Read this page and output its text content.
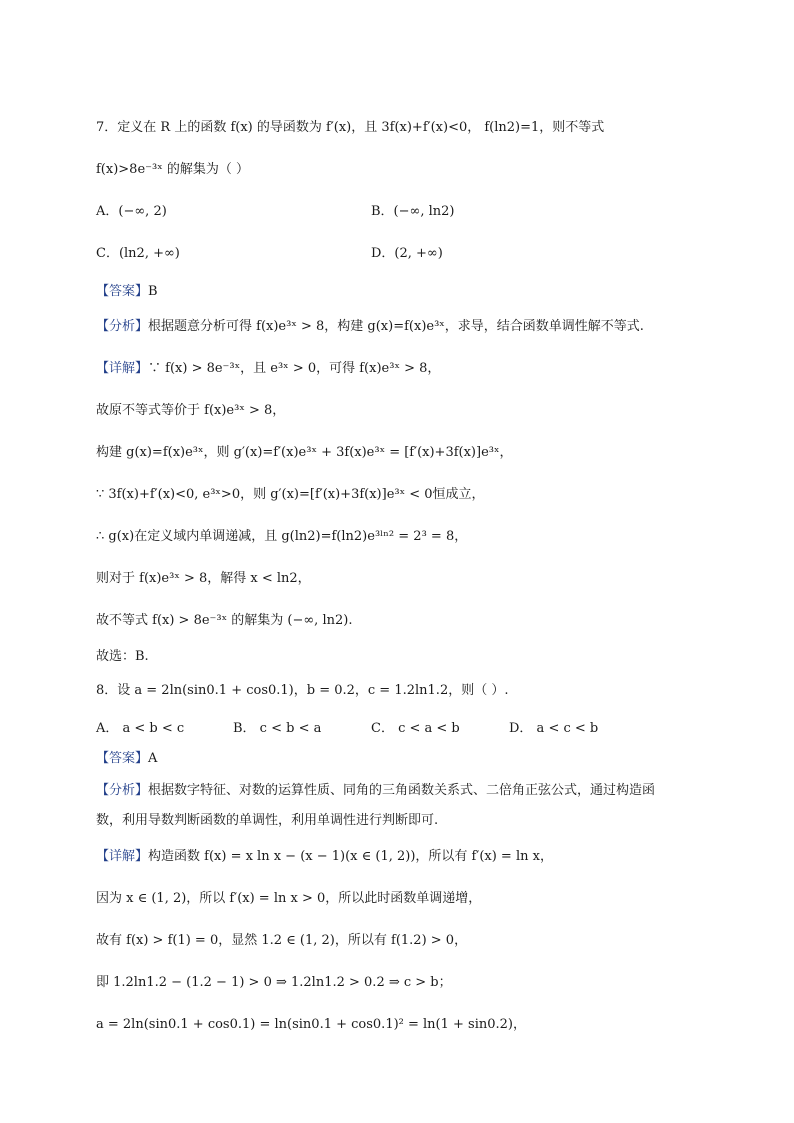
7．定义在 R 上的函数 f(x) 的导函数为 f′(x)，且 3f(x)+f′(x)<0， f(ln2)=1，则不等式
f(x)>8e⁻³ˣ 的解集为（ ）
A．(−∞, 2)	B．(−∞, ln2)
C．(ln2, +∞)	D．(2, +∞)
【答案】B
【分析】根据题意分析可得 f(x)e³ˣ > 8，构建 g(x)=f(x)e³ˣ，求导，结合函数单调性解不等式.
【详解】∵ f(x) > 8e⁻³ˣ，且 e³ˣ > 0，可得 f(x)e³ˣ > 8，
故原不等式等价于 f(x)e³ˣ > 8，
构建 g(x)=f(x)e³ˣ，则 g′(x)=f′(x)e³ˣ + 3f(x)e³ˣ = [f′(x)+3f(x)]e³ˣ，
∵ 3f(x)+f′(x)<0, e³ˣ>0，则 g′(x)=[f′(x)+3f(x)]e³ˣ < 0恒成立，
∴ g(x)在定义域内单调递减，且 g(ln2)=f(ln2)e³ˡⁿ² = 2³ = 8，
则对于 f(x)e³ˣ > 8，解得 x < ln2，
故不等式 f(x) > 8e⁻³ˣ 的解集为 (−∞, ln2).
故选：B.
8．设 a = 2ln(sin0.1 + cos0.1)，b = 0.2，c = 1.2ln1.2，则（ ）.
A． a < b < c	B． c < b < a	C． c < a < b	D． a < c < b
【答案】A
【分析】根据数字特征、对数的运算性质、同角的三角函数关系式、二倍角正弦公式，通过构造函
数，利用导数判断函数的单调性，利用单调性进行判断即可.
【详解】构造函数 f(x) = x ln x − (x − 1)(x ∈ (1, 2))，所以有 f′(x) = ln x，
因为 x ∈ (1, 2)，所以 f′(x) = ln x > 0，所以此时函数单调递增，
故有 f(x) > f(1) = 0，显然 1.2 ∈ (1, 2)，所以有 f(1.2) > 0，
即 1.2ln1.2 − (1.2 − 1) > 0 ⇒ 1.2ln1.2 > 0.2 ⇒ c > b；
a = 2ln(sin0.1 + cos0.1) = ln(sin0.1 + cos0.1)² = ln(1 + sin0.2)，
